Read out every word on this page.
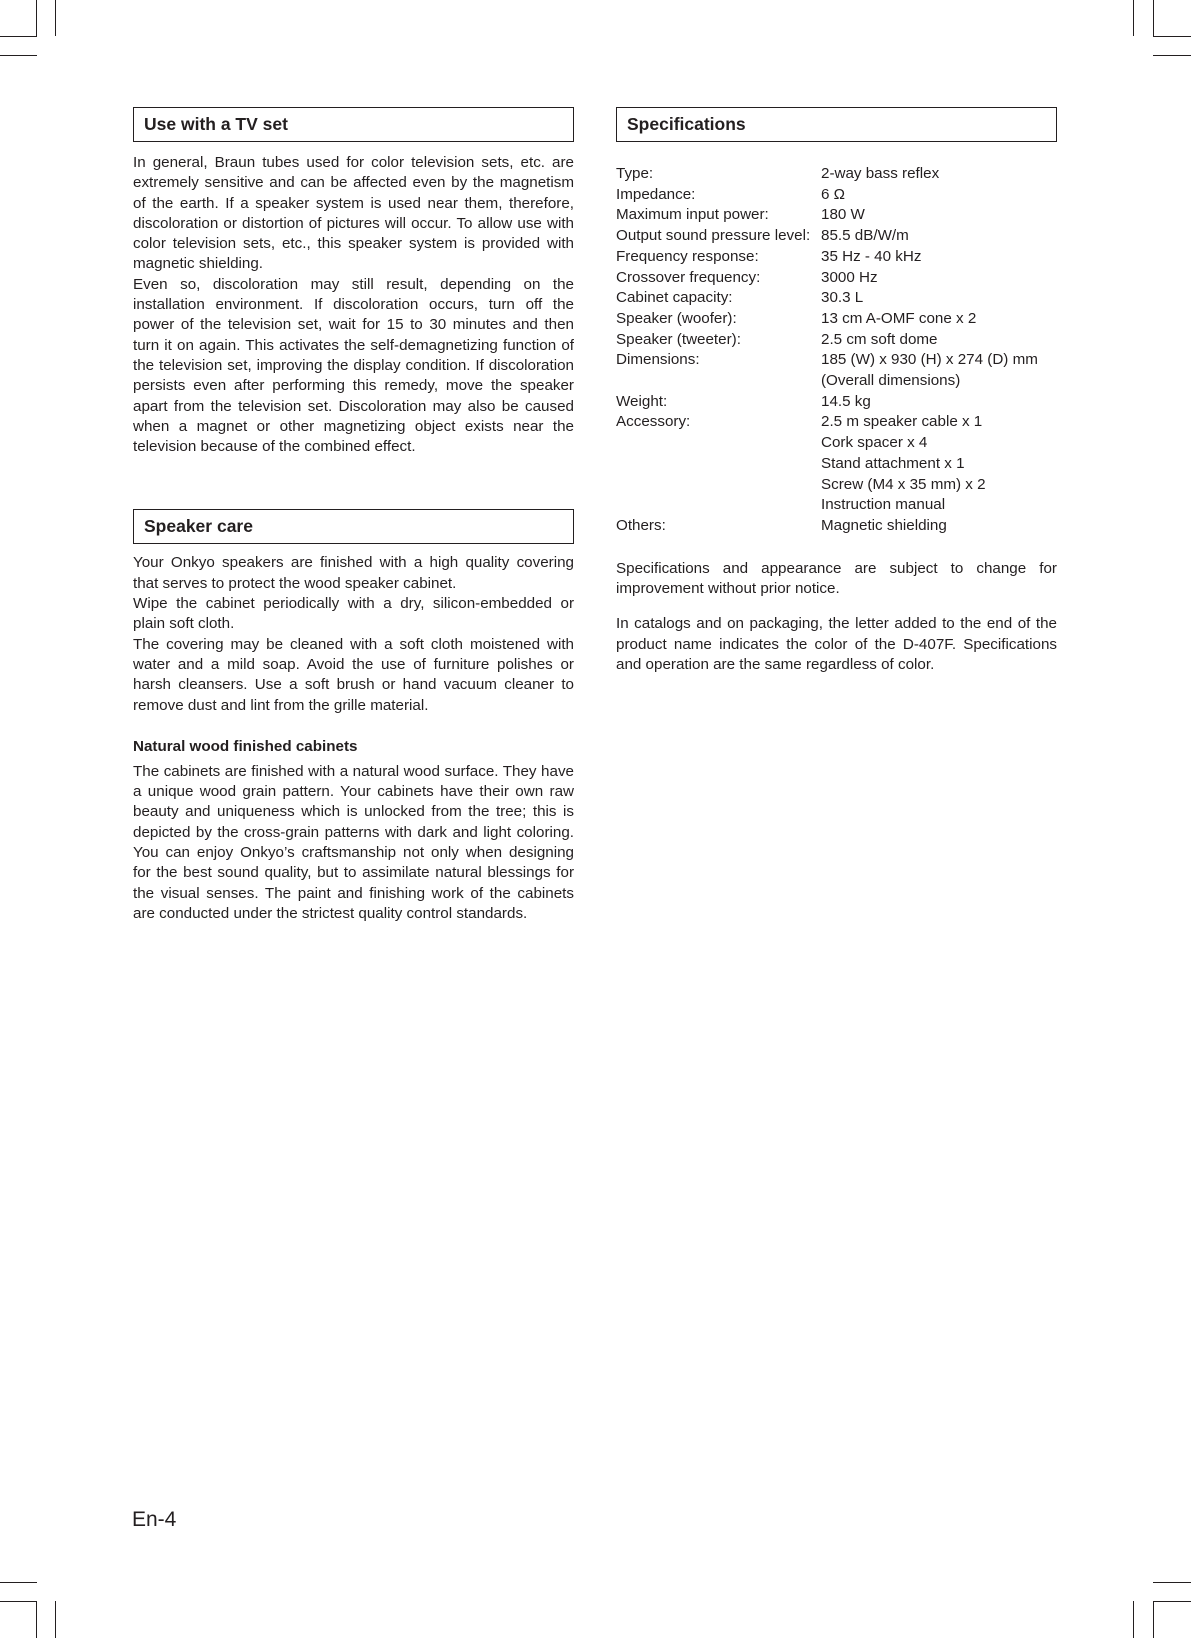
Use with a TV set

In general, Braun tubes used for color television sets, etc. are extremely sensitive and can be affected even by the magnetism of the earth. If a speaker system is used near them, therefore, discoloration or distortion of pictures will occur. To allow use with color television sets, etc., this speaker system is provided with magnetic shielding.

Even so, discoloration may still result, depending on the installation environment. If discoloration occurs, turn off the power of the television set, wait for 15 to 30 minutes and then turn it on again. This activates the self-demagnetizing function of the television set, improving the display condition. If discoloration persists even after performing this remedy, move the speaker apart from the television set. Discoloration may also be caused when a magnet or other magnetizing object exists near the television because of the combined effect.

Speaker care

Your Onkyo speakers are finished with a high quality covering that serves to protect the wood speaker cabinet.

Wipe the cabinet periodically with a dry, silicon-embedded or plain soft cloth.

The covering may be cleaned with a soft cloth moistened with water and a mild soap. Avoid the use of furniture polishes or harsh cleansers. Use a soft brush or hand vacuum cleaner to remove dust and lint from the grille material.

Natural wood finished cabinets

The cabinets are finished with a natural wood surface. They have a unique wood grain pattern. Your cabinets have their own raw beauty and uniqueness which is unlocked from the tree; this is depicted by the cross-grain patterns with dark and light coloring. You can enjoy Onkyo’s craftsmanship not only when designing for the best sound quality, but to assimilate natural blessings for the visual senses. The paint and finishing work of the cabinets are conducted under the strictest quality control standards.

Specifications
Type:	2-way bass reflex
Impedance:	6 Ω
Maximum input power:	180 W
Output sound pressure level:	85.5 dB/W/m
Frequency response:	35 Hz - 40 kHz
Crossover frequency:	3000 Hz
Cabinet capacity:	30.3 L
Speaker (woofer):	13 cm A-OMF cone x 2
Speaker (tweeter):	2.5 cm soft dome
Dimensions:	185 (W) x 930 (H) x 274 (D) mm
	(Overall dimensions)
Weight:	14.5 kg
Accessory:	2.5 m speaker cable x 1
	Cork spacer x 4
	Stand attachment x 1
	Screw (M4 x 35 mm) x 2
	Instruction manual
Others:	Magnetic shielding

Specifications and appearance are subject to change for improvement without prior notice.

In catalogs and on packaging, the letter added to the end of the product name indicates the color of the D-407F. Specifications and operation are the same regardless of color.

En-4
